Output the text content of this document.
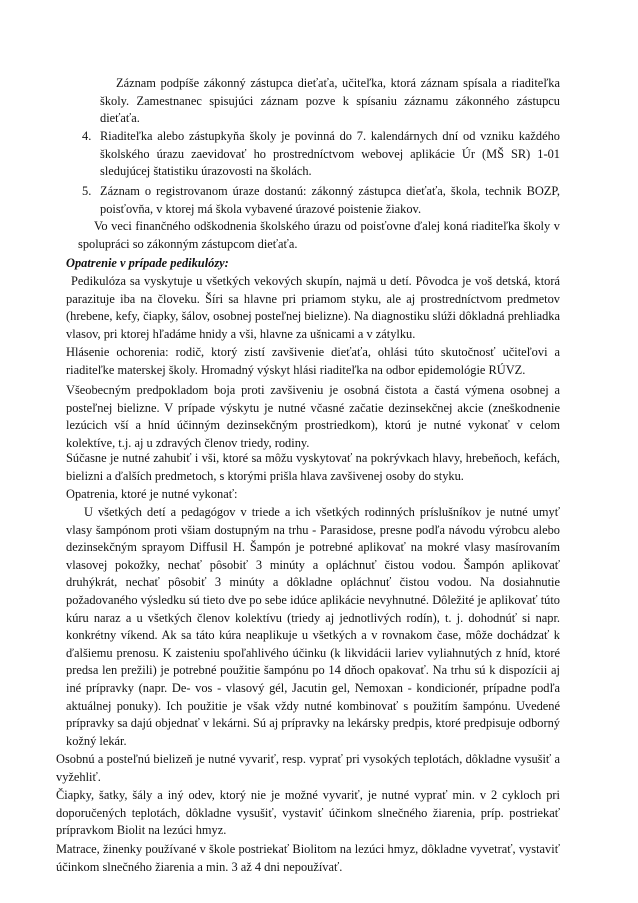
Záznam podpíše zákonný zástupca dieťaťa, učiteľka, ktorá záznam spísala a riaditeľka školy. Zamestnanec spisujúci záznam pozve k spísaniu záznamu zákonného zástupcu dieťaťa.

4. Riaditeľka alebo zástupkyňa školy je povinná do 7. kalendárnych dní od vzniku každého školského úrazu zaevidovať ho prostredníctvom webovej aplikácie Úr (MŠ SR) 1-01 sledujúcej štatistiku úrazovosti na školách.
5. Záznam o registrovanom úraze dostanú: zákonný zástupca dieťaťa, škola, technik BOZP, poisťovňa, v ktorej má škola vybavené úrazové poistenie žiakov.

Vo veci finančného odškodnenia školského úrazu od poisťovne ďalej koná riaditeľka školy v spolupráci so zákonným zástupcom dieťaťa.

Opatrenie v prípade pedikulózy:

Pedikulóza sa vyskytuje u všetkých vekových skupín, najmä u detí. Pôvodca je voš detská, ktorá parazituje iba na človeku. Šíri sa hlavne pri priamom styku, ale aj prostredníctvom predmetov (hrebene, kefy, čiapky, šálov, osobnej posteľnej bielizne). Na diagnostiku slúži dôkladná prehliadka vlasov, pri ktorej hľadáme hnidy a vši, hlavne za ušnicami a v zátylku.

Hlásenie ochorenia: rodič, ktorý zistí zavšivenie dieťaťa, ohlási túto skutočnosť učiteľovi a riaditeľke materskej školy. Hromadný výskyt hlási riaditeľka na odbor epidemológie RÚVZ.

Všeobecným predpokladom boja proti zavšiveniu je osobná čistota a častá výmena osobnej a posteľnej bielizne. V prípade výskytu je nutné včasné začatie dezinsekčnej akcie (zneškodnenie lezúcich vší a hníd účinným dezinsekčným prostriedkom), ktorú je nutné vykonať v celom kolektíve, t.j. aj u zdravých členov triedy, rodiny.

Súčasne je nutné zahubiť i vši, ktoré sa môžu vyskytovať na pokrývkach hlavy, hrebeňoch, kefách, bielizni a ďalších predmetoch, s ktorými prišla hlava zavšivenej osoby do styku.

Opatrenia, ktoré je nutné vykonať:

U všetkých detí a pedagógov v triede a ich všetkých rodinných príslušníkov je nutné umyť vlasy šampónom proti všiam dostupným na trhu - Parasidose, presne podľa návodu výrobcu alebo dezinsekčným sprayom Diffusil H. Šampón je potrebné aplikovať na mokré vlasy masírovaním vlasovej pokožky, nechať pôsobiť 3 minúty a opláchnuť čistou vodou. Šampón aplikovať druhýkrát, nechať pôsobiť 3 minúty a dôkladne opláchnuť čistou vodou. Na dosiahnutie požadovaného výsledku sú tieto dve po sebe idúce aplikácie nevyhnutné. Dôležité je aplikovať túto kúru naraz a u všetkých členov kolektívu (triedy aj jednotlivých rodín), t. j. dohodnúť si napr. konkrétny víkend. Ak sa táto kúra neaplikuje u všetkých a v rovnakom čase, môže dochádzať k ďalšiemu prenosu. K zaisteniu spoľahlivého účinku (k likvidácii lariev vyliahnutých z hníd, ktoré predsa len prežili) je potrebné použitie šampónu po 14 dňoch opakovať. Na trhu sú k dispozícii aj iné prípravky (napr. De- vos - vlasový gél, Jacutin gel, Nemoxan - kondicionér, prípadne podľa aktuálnej ponuky). Ich použitie je však vždy nutné kombinovať s použitím šampónu. Uvedené prípravky sa dajú objednať v lekárni. Sú aj prípravky na lekársky predpis, ktoré predpisuje odborný kožný lekár.

Osobnú a posteľnú bielizeň je nutné vyvariť, resp. vyprať pri vysokých teplotách, dôkladne vysušiť a vyžehliť.

Čiapky, šatky, šály a iný odev, ktorý nie je možné vyvariť, je nutné vyprať min. v 2 cykloch pri doporučených teplotách, dôkladne vysušiť, vystaviť účinkom slnečného žiarenia, príp. postriekať prípravkom Biolit na lezúci hmyz.

Matrace, žinenky používané v škole postriekať Biolitom na lezúci hmyz, dôkladne vyvetrať, vystaviť účinkom slnečného žiarenia a min. 3 až 4 dni nepoužívať.
